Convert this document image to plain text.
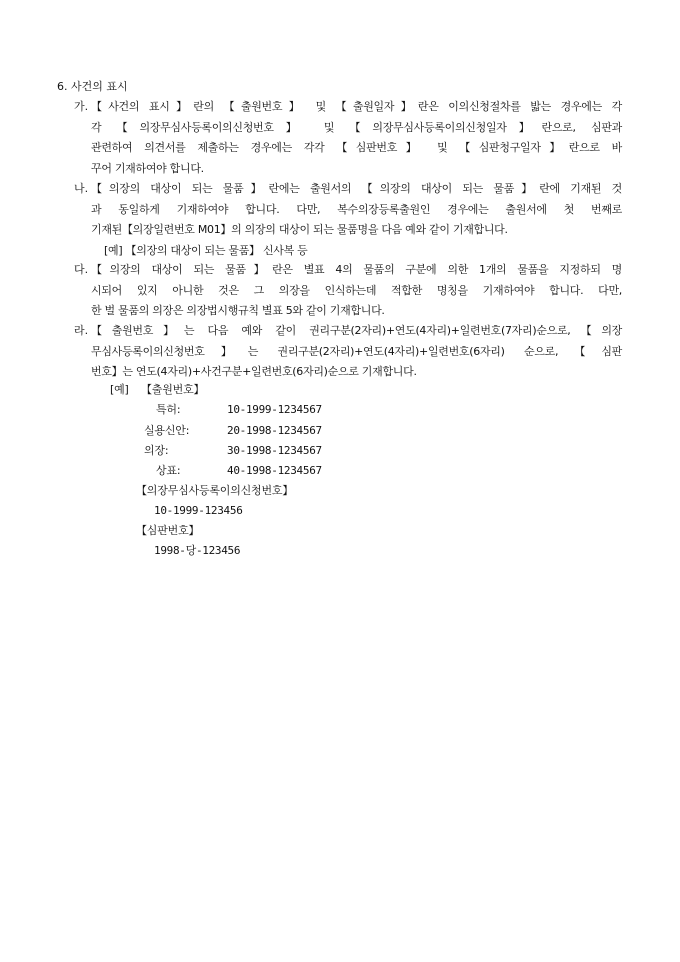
6. 사건의 표시
가. 【사건의 표시】란의 【출원번호】 및 【출원일자】란은 이의신청절차를 밟는 경우에는 각
각 【의장무심사등록이의신청번호】 및 【의장무심사등록이의신청일자】란으로, 심판과
관련하여 의견서를 제출하는 경우에는 각각 【심판번호】 및 【심판청구일자】란으로 바
꾸어 기재하여야 합니다.
나. 【의장의 대상이 되는 물품】란에는 출원서의 【의장의 대상이 되는 물품】란에 기재된 것
과 동일하게 기재하여야 합니다. 다만, 복수의장등록출원인 경우에는 출원서에 첫 번째로
기재된【의장일련번호 M01】의 의장의 대상이 되는 물품명을 다음 예와 같이 기재합니다.
[예] 【의장의 대상이 되는 물품】 신사복 등
다. 【의장의 대상이 되는 물품】란은 별표 4의 물품의 구분에 의한 1개의 물품을 지정하되 명
시되어 있지 아니한 것은 그 의장을 인식하는데 적합한 명칭을 기재하여야 합니다. 다만,
한 벌 물품의 의장은 의장법시행규칙 별표 5와 같이 기재합니다.
라. 【출원번호】는 다음 예와 같이 권리구분(2자리)+연도(4자리)+일련번호(7자리)순으로,【의장
무심사등록이의신청번호】는 권리구분(2자리)+연도(4자리)+일련번호(6자리) 순으로,【심판
번호】는 연도(4자리)+사건구분+일련번호(6자리)순으로 기재합니다.
[예] 【출원번호】
특허:	10-1999-1234567
실용신안:	20-1998-1234567
의장:	30-1998-1234567
상표:	40-1998-1234567
【의장무심사등록이의신청번호】
10-1999-123456
【심판번호】
1998-당-123456
